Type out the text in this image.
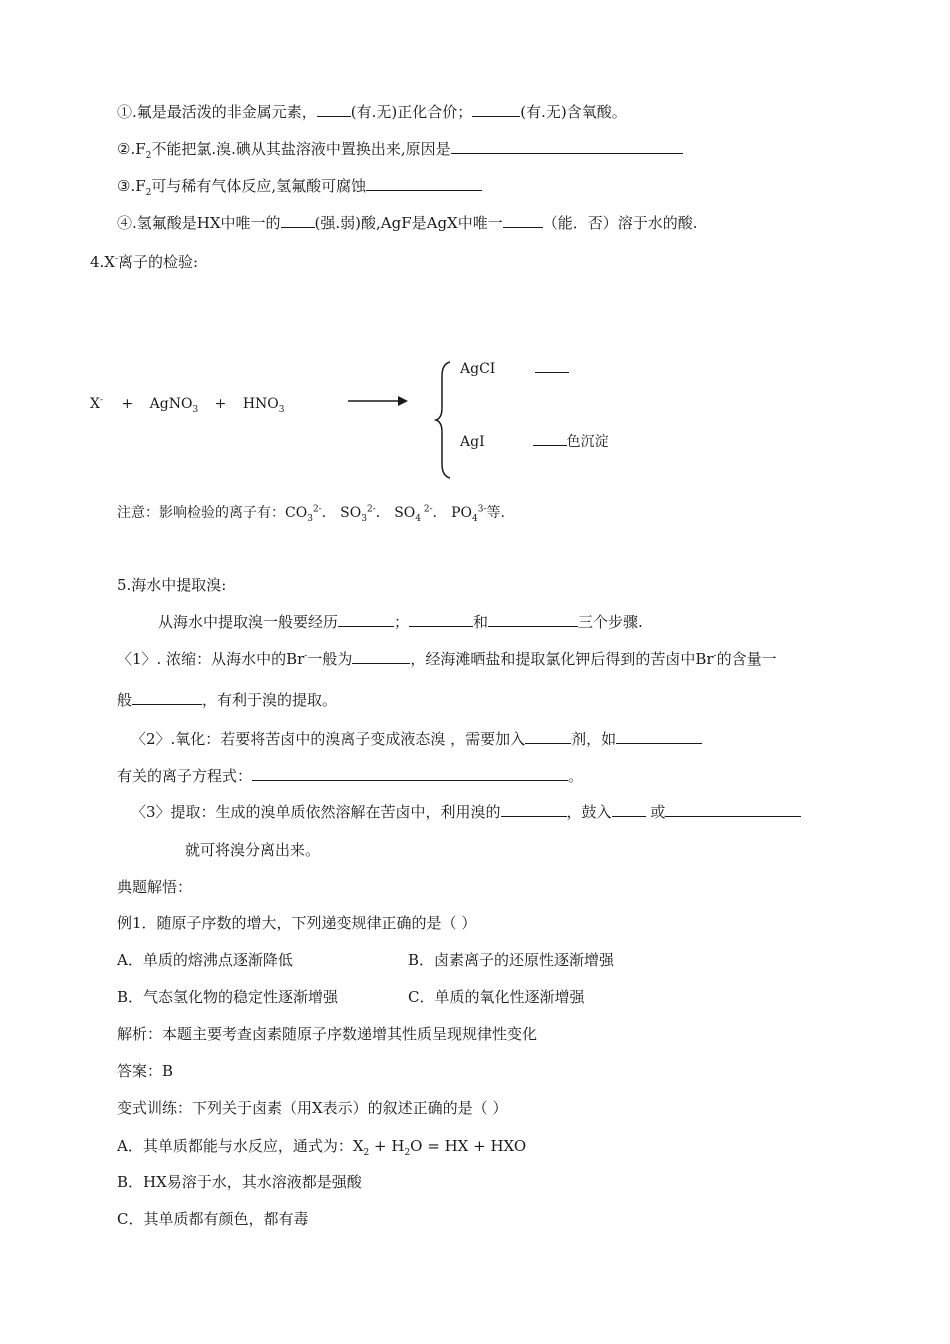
①.氟是最活泼的非金属元素， (有.无)正化合价；	(有.无)含氧酸。
$②.F_2$不能把氯.溴.碘从其盐溶液中置换出来,原因是
$③.F_2$可与稀有气体反应,氢氟酸可腐蚀
④.氢氟酸是HX中唯一的 (强.弱)酸,AgF是AgX中唯一	（能．否）溶于水的酸.
4.X-离子的检验:
X- + AgNO$_3$ + $HNO_3$
AgCI
AgI	色沉淀
注意：影响检验的离子有：$CO_3^{2-}$． $SO_3^{2-}$． $SO_4$ $^{2-}$． $PO_4^{3-}$等.
5.海水中提取溴:
从海水中提取溴一般要经历	；	和	三个步骤.
〈1〉. 浓缩：从海水中的Br-一般为	，经海滩晒盐和提取氯化钾后得到的苦卤中Br-的含量一
般	，有利于溴的提取。
〈2〉.氧化：若要将苦卤中的溴离子变成液态溴 ，需要加入	剂，如
有关的离子方程式：	。
〈3〉提取：生成的溴单质依然溶解在苦卤中，利用溴的	，鼓入 或
就可将溴分离出来。
典题解悟：
例1．随原子序数的增大，下列递变规律正确的是（ ）
A．单质的熔沸点逐渐降低	B．卤素离子的还原性逐渐增强
B．气态氢化物的稳定性逐渐增强	C．单质的氧化性逐渐增强
解析：本题主要考查卤素随原子序数递增其性质呈现规律性变化
答案：B
变式训练：下列关于卤素（用X表示）的叙述正确的是（ ）
A．其单质都能与水反应，通式为：$X_2 + H_2O$ = HX + HXO
B．HX易溶于水，其水溶液都是强酸
C．其单质都有颜色，都有毒
